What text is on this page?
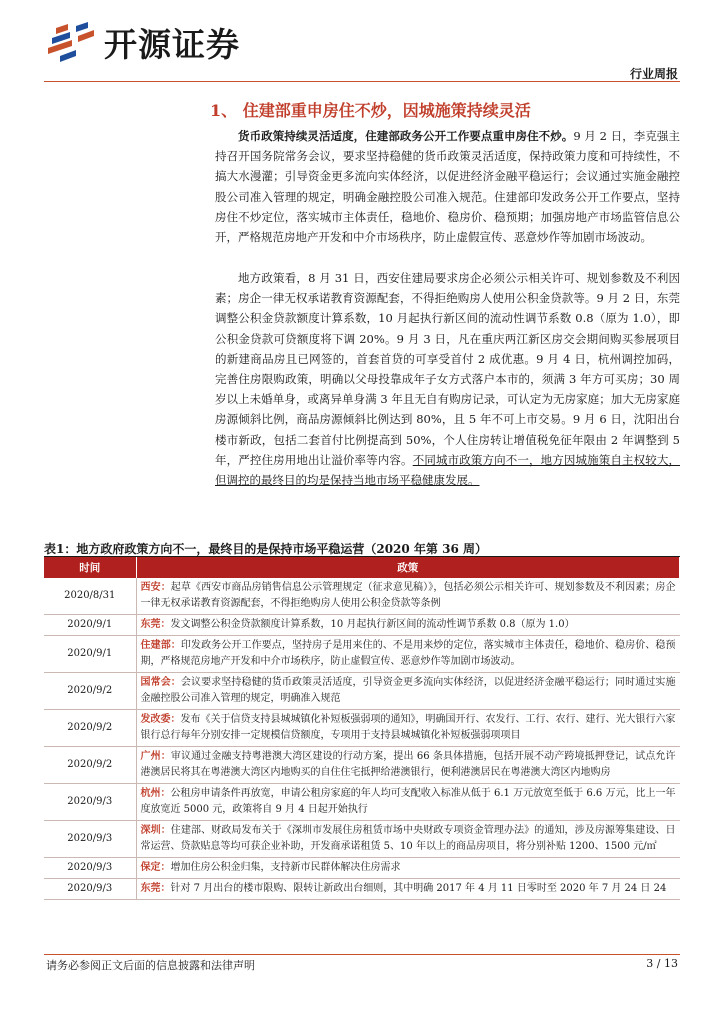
开源证券
行业周报
1、 住建部重申房住不炒，因城施策持续灵活

货币政策持续灵活适度，住建部政务公开工作要点重申房住不炒。9 月 2 日，李克强主持召开国务院常务会议，要求坚持稳健的货币政策灵活适度，保持政策力度和可持续性，不搞大水漫灌；引导资金更多流向实体经济，以促进经济金融平稳运行；会议通过实施金融控股公司准入管理的规定，明确金融控股公司准入规范。住建部印发政务公开工作要点，坚持房住不炒定位，落实城市主体责任，稳地价、稳房价、稳预期；加强房地产市场监管信息公开，严格规范房地产开发和中介市场秩序，防止虚假宣传、恶意炒作等加剧市场波动。

地方政策看，8 月 31 日，西安住建局要求房企必须公示相关许可、规划参数及不利因素；房企一律无权承诺教育资源配套，不得拒绝购房人使用公积金贷款等。9 月 2 日，东莞调整公积金贷款额度计算系数，10 月起执行新区间的流动性调节系数 0.8（原为 1.0），即公积金贷款可贷额度将下调 20%。9 月 3 日，凡在重庆两江新区房交会期间购买参展项目的新建商品房且已网签的，首套首贷的可享受首付 2 成优惠。9 月 4 日，杭州调控加码，完善住房限购政策，明确以父母投靠成年子女方式落户本市的，须满 3 年方可买房；30 周岁以上未婚单身，或离异单身满 3 年且无自有购房记录，可认定为无房家庭；加大无房家庭房源倾斜比例，商品房源倾斜比例达到 80%，且 5 年不可上市交易。9 月 6 日，沈阳出台楼市新政，包括二套首付比例提高到 50%，个人住房转让增值税免征年限由 2 年调整到 5 年，严控住房用地出让溢价率等内容。不同城市政策方向不一，地方因城施策自主权较大，但调控的最终目的均是保持当地市场平稳健康发展。

表1：地方政府政策方向不一，最终目的是保持市场平稳运营（2020 年第 36 周）
时间	政策
2020/8/31	西安：起草《西安市商品房销售信息公示管理规定（征求意见稿）》，包括必须公示相关许可、规划参数及不利因素；房企一律无权承诺教育资源配套，不得拒绝购房人使用公积金贷款等条例
2020/9/1	东莞：发文调整公积金贷款额度计算系数，10 月起执行新区间的流动性调节系数 0.8（原为 1.0）
2020/9/1	住建部：印发政务公开工作要点，坚持房子是用来住的、不是用来炒的定位，落实城市主体责任，稳地价、稳房价、稳预期，严格规范房地产开发和中介市场秩序，防止虚假宣传、恶意炒作等加剧市场波动。
2020/9/2	国常会：会议要求坚持稳健的货币政策灵活适度，引导资金更多流向实体经济，以促进经济金融平稳运行；同时通过实施金融控股公司准入管理的规定，明确准入规范
2020/9/2	发改委：发布《关于信贷支持县城城镇化补短板强弱项的通知》，明确国开行、农发行、工行、农行、建行、光大银行六家银行总行每年分别安排一定规模信贷额度，专项用于支持县城城镇化补短板强弱项项目
2020/9/2	广州：审议通过金融支持粤港澳大湾区建设的行动方案，提出 66 条具体措施，包括开展不动产跨境抵押登记，试点允许港澳居民将其在粤港澳大湾区内地购买的自住住宅抵押给港澳银行，便利港澳居民在粤港澳大湾区内地购房
2020/9/3	杭州：公租房申请条件再放宽，申请公租房家庭的年人均可支配收入标准从低于 6.1 万元放宽至低于 6.6 万元，比上一年度放宽近 5000 元，政策将自 9 月 4 日起开始执行
2020/9/3	深圳：住建部、财政局发布关于《深圳市发展住房租赁市场中央财政专项资金管理办法》的通知，涉及房源筹集建设、日常运营、贷款贴息等均可获企业补助，开发商承诺租赁 5、10 年以上的商品房项目，将分别补贴 1200、1500 元/㎡
2020/9/3	保定：增加住房公积金归集，支持新市民群体解决住房需求
2020/9/3	东莞：针对 7 月出台的楼市限购、限转让新政出台细则，其中明确 2017 年 4 月 11 日零时至 2020 年 7 月 24 日 24
请务必参阅正文后面的信息披露和法律声明	3 / 13
